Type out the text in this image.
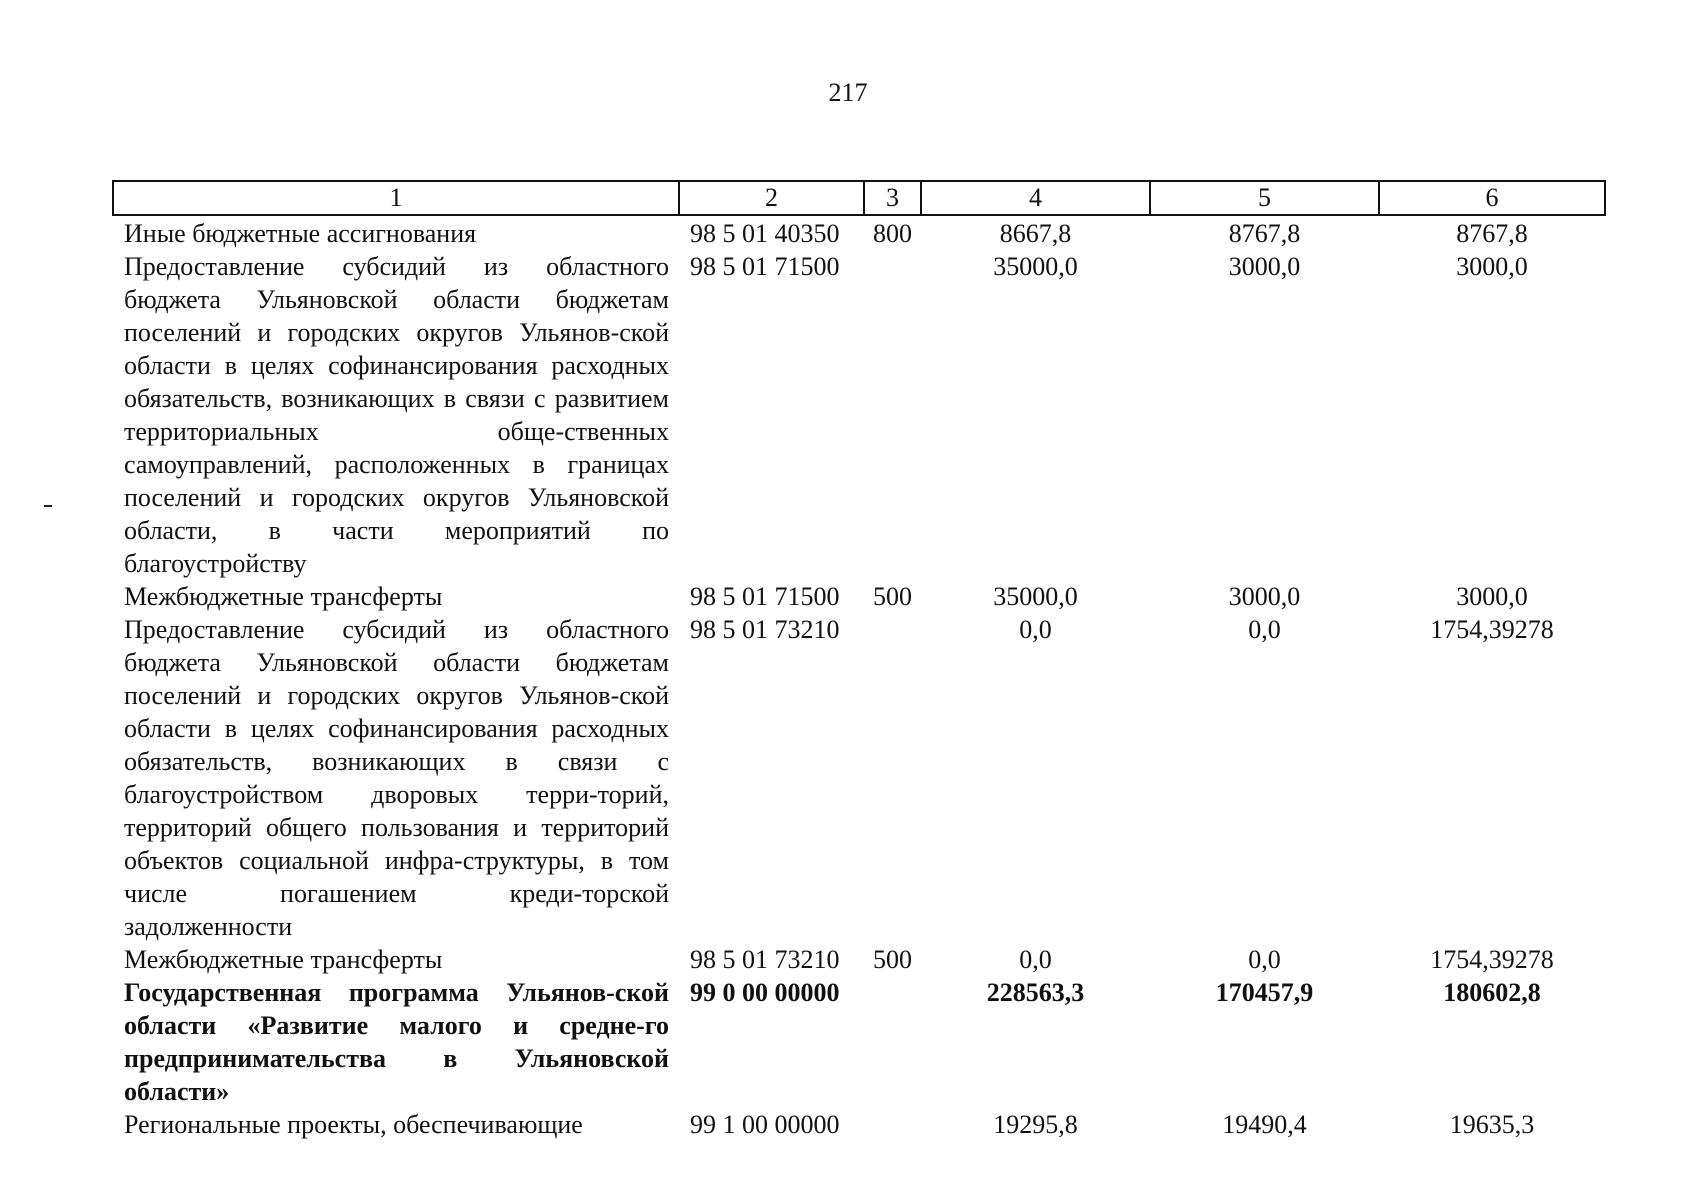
217
1	2	3	4	5	6
Иные бюджетные ассигнования	98 5 01 40350	800	8667,8	8767,8	8767,8
Предоставление субсидий из областного бюджета Ульяновской области бюджетам поселений и городских округов Ульянов-ской области в целях софинансирования расходных обязательств, возникающих в связи с развитием территориальных обще-ственных самоуправлений, расположенных в границах поселений и городских округов Ульяновской области, в части мероприятий по благоустройству	98 5 01 71500		35000,0	3000,0	3000,0
Межбюджетные трансферты	98 5 01 71500	500	35000,0	3000,0	3000,0
Предоставление субсидий из областного бюджета Ульяновской области бюджетам поселений и городских округов Ульянов-ской области в целях софинансирования расходных обязательств, возникающих в связи с благоустройством дворовых терри-торий, территорий общего пользования и территорий объектов социальной инфра-структуры, в том числе погашением креди-торской задолженности	98 5 01 73210		0,0	0,0	1754,39278
Межбюджетные трансферты	98 5 01 73210	500	0,0	0,0	1754,39278
Государственная программа Ульянов-ской области «Развитие малого и средне-го предпринимательства в Ульяновской области»	99 0 00 00000		228563,3	170457,9	180602,8
Региональные проекты, обеспечивающие	99 1 00 00000		19295,8	19490,4	19635,3
